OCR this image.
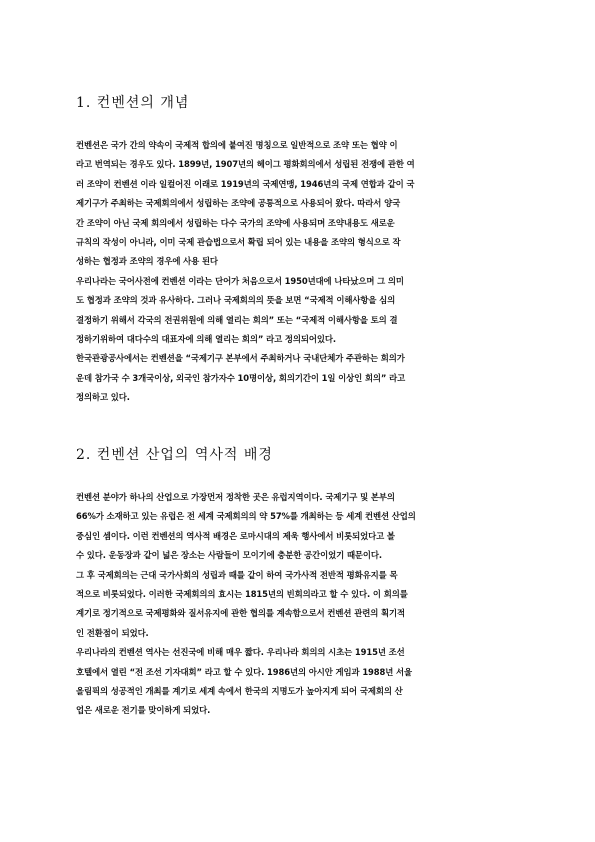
1. 컨벤션의 개념
컨벤션은 국가 간의 약속이 국제적 합의에 붙여진 명칭으로 일반적으로 조약 또는 협약 이
라고 번역되는 경우도 있다. 1899년, 1907년의 헤이그 평화회의에서 성립된 전쟁에 관한 여
러 조약이 컨벤션 이라 일컬어진 이래로 1919년의 국제연맹, 1946년의 국제 연합과 같이 국
제기구가 주최하는 국제회의에서 성립하는 조약에 공통적으로 사용되어 왔다. 따라서 양국
간 조약이 아닌 국제 회의에서 성립하는 다수 국가의 조약에 사용되며 조약내용도 새로운
규칙의 작성이 아니라, 이미 국제 관습법으로서 확립 되어 있는 내용을 조약의 형식으로 작
성하는 협정과 조약의 경우에 사용 된다
우리나라는 국어사전에 컨벤션 이라는 단어가 처음으로서 1950년대에 나타났으며 그 의미
도 협정과 조약의 것과 유사하다. 그러나 국제회의의 뜻을 보면 “국제적 이해사항을 심의
결정하기 위해서 각국의 전권위원에 의해 열리는 회의” 또는 “국제적 이해사항을 토의 결
정하기위하여 대다수의 대표자에 의해 열리는 회의” 라고 정의되어있다.
한국관광공사에서는 컨벤션을 “국제기구 본부에서 주최하거나 국내단체가 주관하는 회의가
운데 참가국 수 3개국이상, 외국인 참가자수 10명이상, 회의기간이 1일 이상인 회의” 라고
정의하고 있다.
2. 컨벤션 산업의 역사적 배경
컨벤션 분야가 하나의 산업으로 가장먼저 정착한 곳은 유럽지역이다. 국제기구 및 본부의
66%가 소재하고 있는 유럽은 전 세계 국제회의의 약 57%를 개최하는 등 세계 컨벤션 산업의
중심인 셈이다. 이런 컨벤션의 역사적 배경은 로마시대의 제욱 행사에서 비롯되었다고 볼
수 있다. 운동장과 같이 넓은 장소는 사람들이 모이기에 충분한 공간이었기 때문이다.
그 후 국제회의는 근대 국가사회의 성립과 때를 같이 하여 국가사적 전반적 평화유지를 목
적으로 비롯되었다. 이러한 국제회의의 효시는 1815년의 빈회의라고 할 수 있다. 이 회의를
계기로 정기적으로 국제평화와 질서유지에 관한 협의를 계속함으로서 컨벤션 관련의 획기적
인 전환점이 되었다.
우리나라의 컨벤션 역사는 선진국에 비해 매우 짧다. 우리나라 회의의 시초는 1915년 조선
호텔에서 열린 “전 조선 기자대회” 라고 할 수 있다. 1986년의 아시안 게임과 1988년 서울
올림픽의 성공적인 개최를 계기로 세계 속에서 한국의 지명도가 높아지게 되어 국제회의 산
업은 새로운 전기를 맞이하게 되었다.
